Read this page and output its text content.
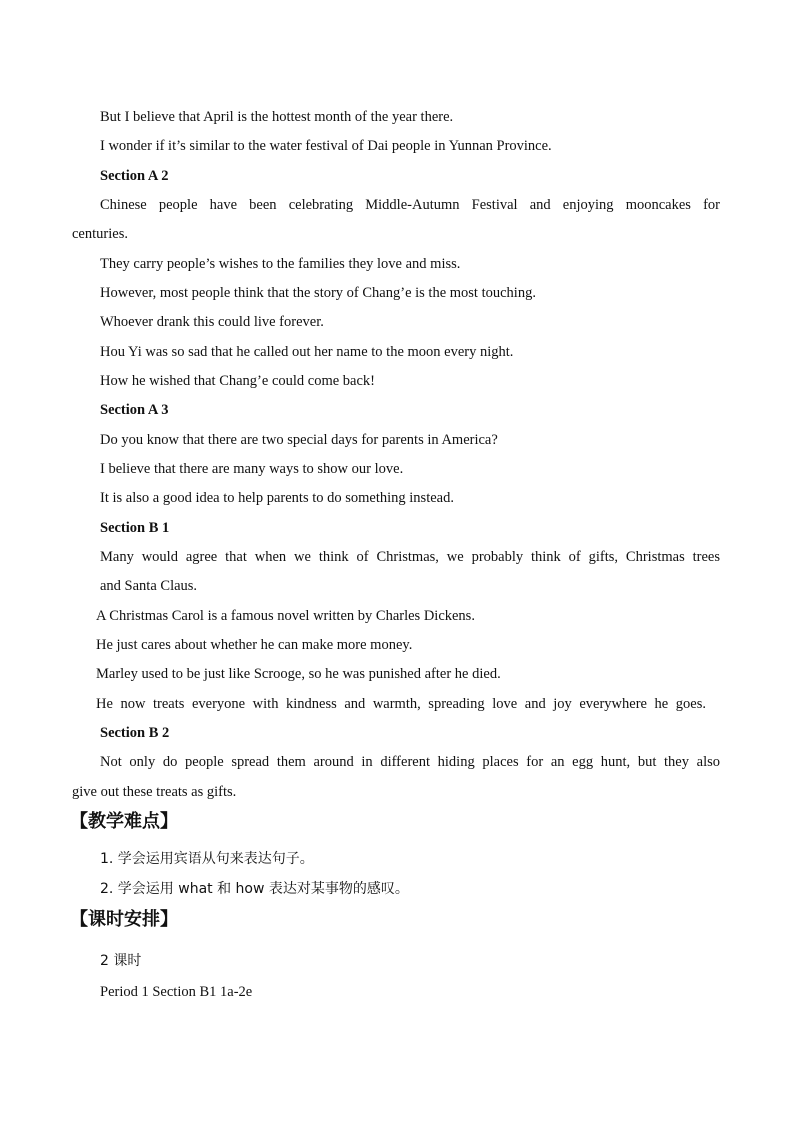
But I believe that April is the hottest month of the year there.
I wonder if it’s similar to the water festival of Dai people in Yunnan Province.
Section A 2
Chinese people have been celebrating Middle-Autumn Festival and enjoying mooncakes for
centuries.
They carry people’s wishes to the families they love and miss.
However, most people think that the story of Chang’e is the most touching.
Whoever drank this could live forever.
Hou Yi was so sad that he called out her name to the moon every night.
How he wished that Chang’e could come back!
Section A 3
Do you know that there are two special days for parents in America?
I believe that there are many ways to show our love.
It is also a good idea to help parents to do something instead.
Section B 1
Many would agree that when we think of Christmas, we probably think of gifts, Christmas trees
and Santa Claus.
A Christmas Carol is a famous novel written by Charles Dickens.
He just cares about whether he can make more money.
Marley used to be just like Scrooge, so he was punished after he died.
He now treats everyone with kindness and warmth, spreading love and joy everywhere he goes.
Section B 2
Not only do people spread them around in different hiding places for an egg hunt, but they also
give out these treats as gifts.
【教学难点】
1. 学会运用宾语从句来表达句子。
2. 学会运用 what 和 how 表达对某事物的感叹。
【课时安排】
2 课时
Period 1 Section B1 1a-2e
